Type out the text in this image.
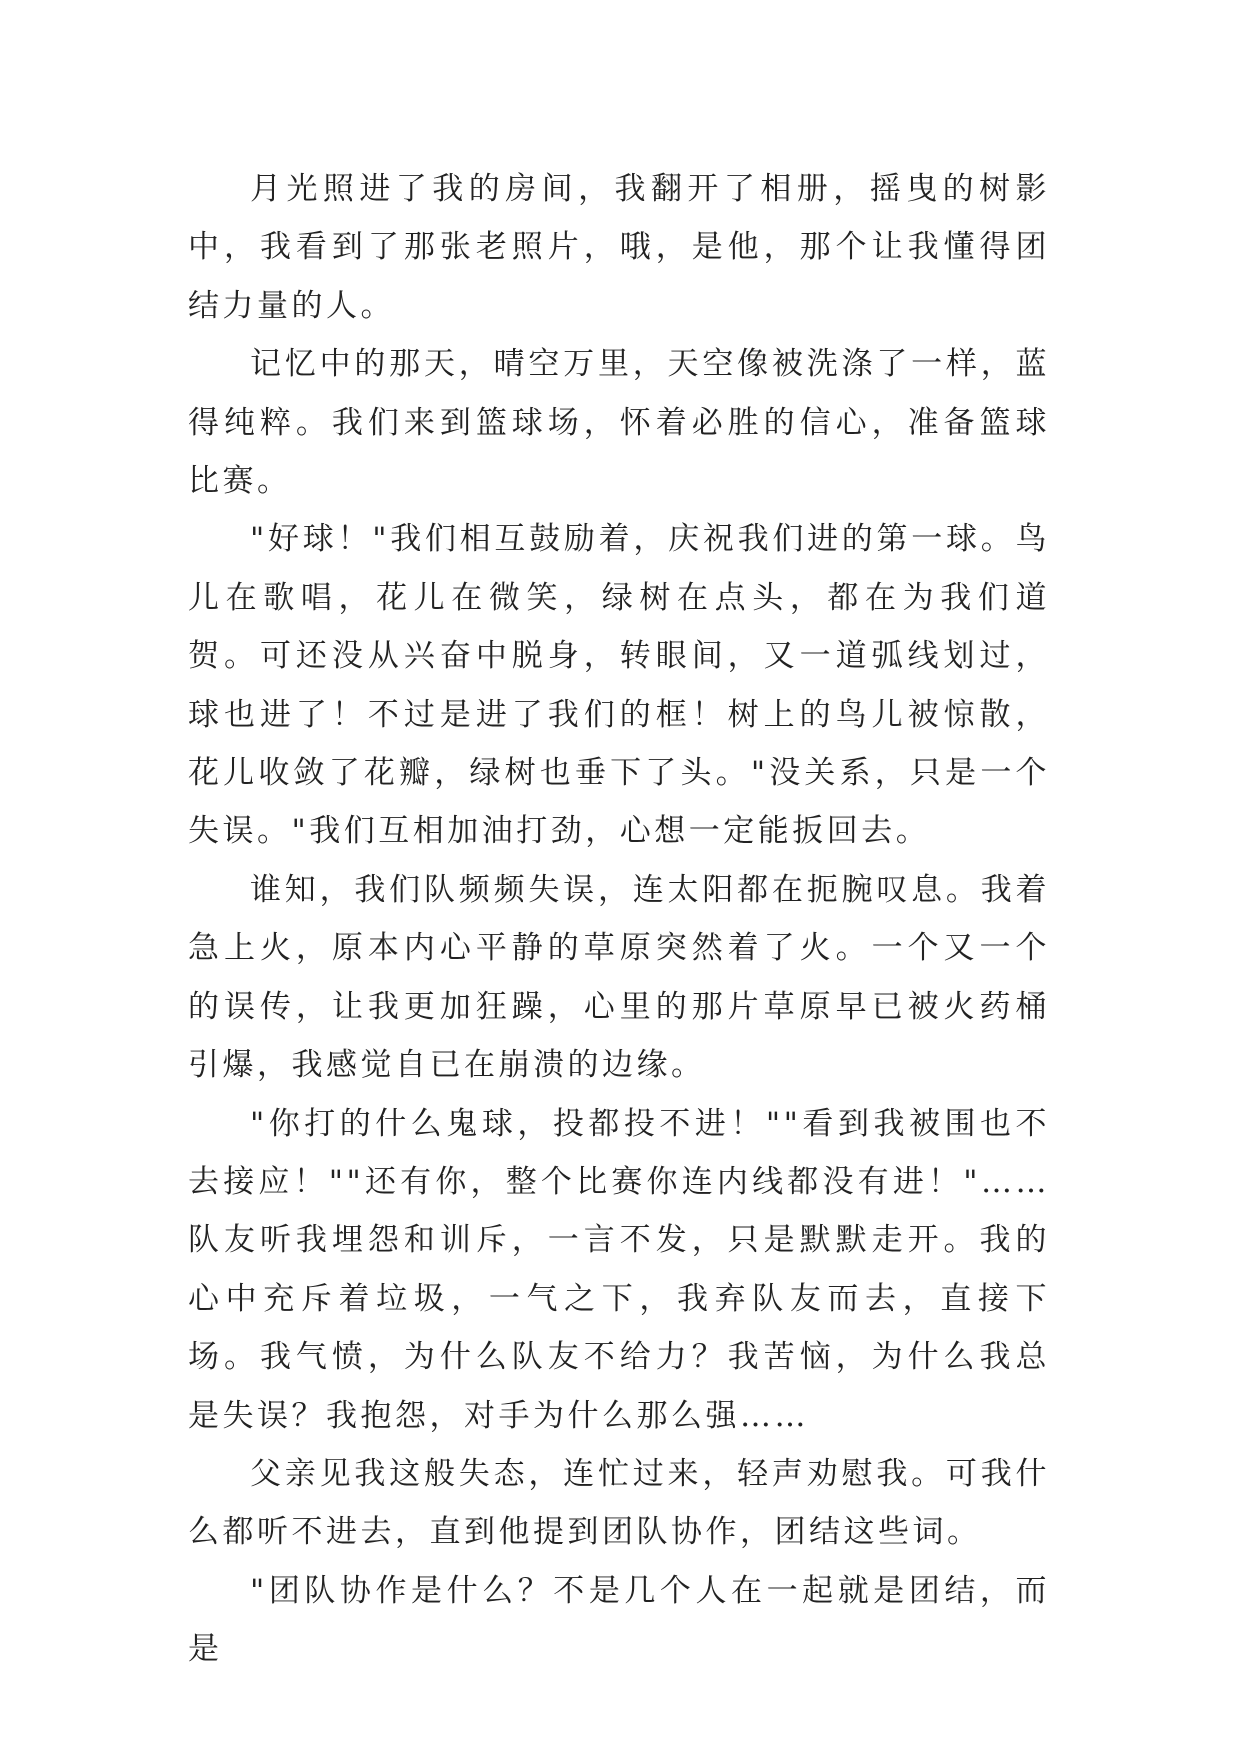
月光照进了我的房间，我翻开了相册，摇曳的树影中，我看到了那张老照片，哦，是他，那个让我懂得团结力量的人。

记忆中的那天，晴空万里，天空像被洗涤了一样，蓝得纯粹。我们来到篮球场，怀着必胜的信心，准备篮球比赛。

"好球！"我们相互鼓励着，庆祝我们进的第一球。鸟儿在歌唱，花儿在微笑，绿树在点头，都在为我们道贺。可还没从兴奋中脱身，转眼间，又一道弧线划过，球也进了！不过是进了我们的框！树上的鸟儿被惊散，花儿收敛了花瓣，绿树也垂下了头。"没关系，只是一个失误。"我们互相加油打劲，心想一定能扳回去。

谁知，我们队频频失误，连太阳都在扼腕叹息。我着急上火，原本内心平静的草原突然着了火。一个又一个的误传，让我更加狂躁，心里的那片草原早已被火药桶引爆，我感觉自已在崩溃的边缘。

"你打的什么鬼球，投都投不进！""看到我被围也不去接应！""还有你，整个比赛你连内线都没有进！"……队友听我埋怨和训斥，一言不发，只是默默走开。我的心中充斥着垃圾，一气之下，我弃队友而去，直接下场。我气愤，为什么队友不给力？我苦恼，为什么我总是失误？我抱怨，对手为什么那么强……

父亲见我这般失态，连忙过来，轻声劝慰我。可我什么都听不进去，直到他提到团队协作，团结这些词。

"团队协作是什么？不是几个人在一起就是团结，而是
